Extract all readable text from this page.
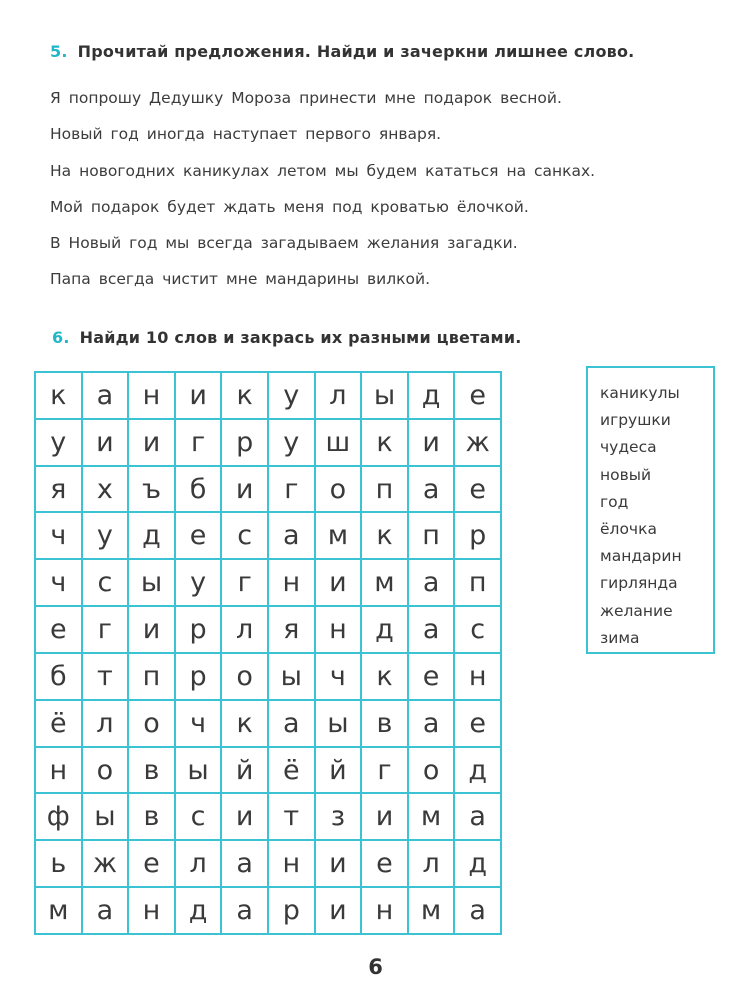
5. Прочитай предложения. Найди и зачеркни лишнее слово.
Я попрошу Дедушку Мороза принести мне подарок весной.
Новый год иногда наступает первого января.
На новогодних каникулах летом мы будем кататься на санках.
Мой подарок будет ждать меня под кроватью ёлочкой.
В Новый год мы всегда загадываем желания загадки.
Папа всегда чистит мне мандарины вилкой.
6. Найди 10 слов и закрась их разными цветами.
к	а	н	и	к	у	л	ы д	е
у	и	и	г	р	у ш к	и ж
я	х	ъ	б	и	г	о	п	а	е
ч	у	д	е	с	а	м	к	п	р
ч	с	ы	у	г	н	и	м	а	п
е	г	и	р	л	я	н	д	а	с
б	т	п	р	о	ы	ч	к	е	н
ё	л	о	ч	к	а	ы	в	а	е
н	о	в	ы	й	ё	й	г	о	д
ф ы	в	с	и	т	з	и	м	а
ь ж е	л	а	н	и	е	л	д
м	а	н	д	а	р	и	н	м	а
каникулы
игрушки
чудеса
новый
год
ёлочка
мандарин
гирлянда
желание
зима
6
